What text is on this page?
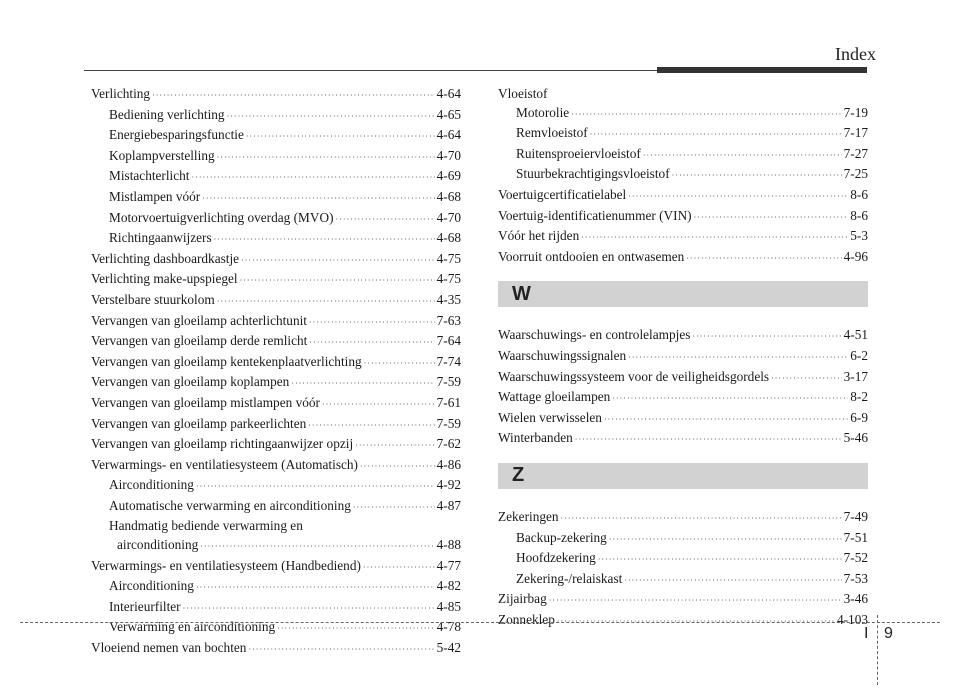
Index
Verlichting ·····	4-64
Bediening verlichting ·····	4-65
Energiebesparingsfunctie ·····	4-64
Koplampverstelling ·····	4-70
Mistachterlicht ·····	4-69
Mistlampen vóór ·····	4-68
Motorvoertuigverlichting overdag (MVO) ·····	4-70
Richtingaanwijzers ·····	4-68
Verlichting dashboardkastje ·····	4-75
Verlichting make-upspiegel ·····	4-75
Verstelbare stuurkolom ·····	4-35
Vervangen van gloeilamp achterlichtunit ·····	7-63
Vervangen van gloeilamp derde remlicht ·····	7-64
Vervangen van gloeilamp kentekenplaatverlichting ·····	7-74
Vervangen van gloeilamp koplampen ·····	7-59
Vervangen van gloeilamp mistlampen vóór ·····	7-61
Vervangen van gloeilamp parkeerlichten ·····	7-59
Vervangen van gloeilamp richtingaanwijzer opzij ·····	7-62
Verwarmings- en ventilatiesysteem (Automatisch) ·····	4-86
Airconditioning ·····	4-92
Automatische verwarming en airconditioning ·····	4-87
Handmatig bediende verwarming en
airconditioning ·····	4-88
Verwarmings- en ventilatiesysteem (Handbediend) ·····	4-77
Airconditioning ·····	4-82
Interieurfilter ·····	4-85
Verwarming en airconditioning ·····	4-78
Vloeiend nemen van bochten ·····	5-42
Vloeistof
Motorolie ·····	7-19
Remvloeistof ·····	7-17
Ruitensproeiervloeistof ·····	7-27
Stuurbekrachtigingsvloeistof ·····	7-25
Voertuigcertificatielabel ·····	8-6
Voertuig-identificatienummer (VIN) ·····	8-6
Vóór het rijden ·····	5-3
Voorruit ontdooien en ontwasemen ·····	4-96
W
Waarschuwings- en controlelampjes ·····	4-51
Waarschuwingssignalen ·····	6-2
Waarschuwingssysteem voor de veiligheidsgordels ·····	3-17
Wattage gloeilampen ·····	8-2
Wielen verwisselen ·····	6-9
Winterbanden ·····	5-46
Z
Zekeringen ·····	7-49
Backup-zekering ·····	7-51
Hoofdzekering ·····	7-52
Zekering-/relaiskast ·····	7-53
Zijairbag ·····	3-46
Zonneklep ·····	4-103
I 9
